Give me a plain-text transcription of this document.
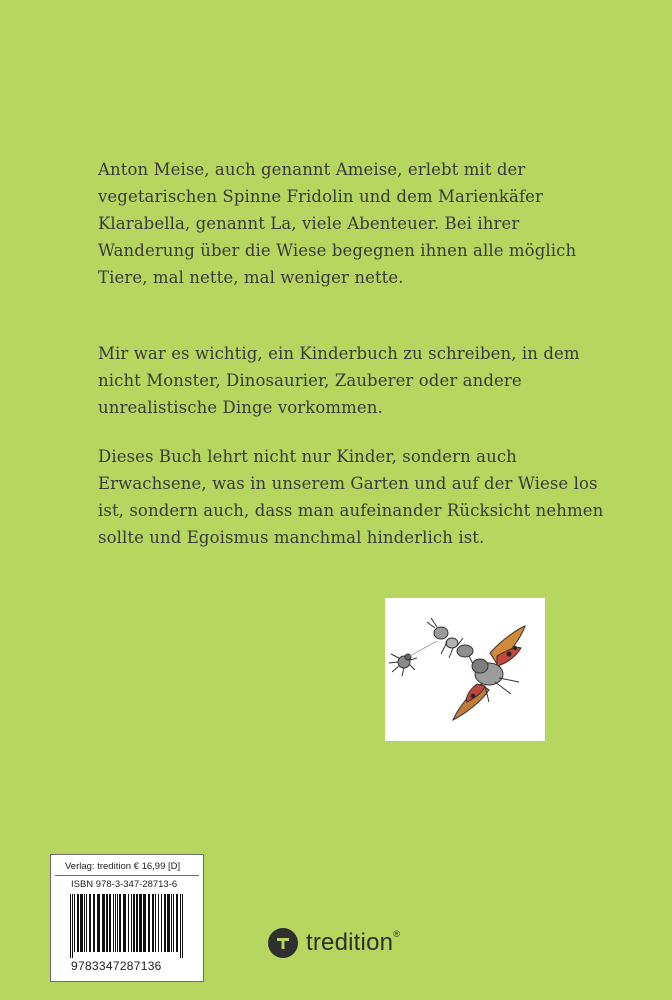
Anton Meise, auch genannt Ameise, erlebt mit der
vegetarischen Spinne Fridolin und dem Marienkäfer
Klarabella, genannt La, viele Abenteuer. Bei ihrer
Wanderung über die Wiese begegnen ihnen alle möglich
Tiere, mal nette, mal weniger nette.
Mir war es wichtig, ein Kinderbuch zu schreiben, in dem
nicht Monster, Dinosaurier, Zauberer oder andere
unrealistische Dinge vorkommen.
Dieses Buch lehrt nicht nur Kinder, sondern auch
Erwachsene, was in unserem Garten und auf der Wiese los
ist, sondern auch, dass man aufeinander Rücksicht nehmen
sollte und Egoismus manchmal hinderlich ist.
Verlag: tredition € 16,99 [D]
ISBN 978-3-347-28713-6
9783347287136
tredition®
